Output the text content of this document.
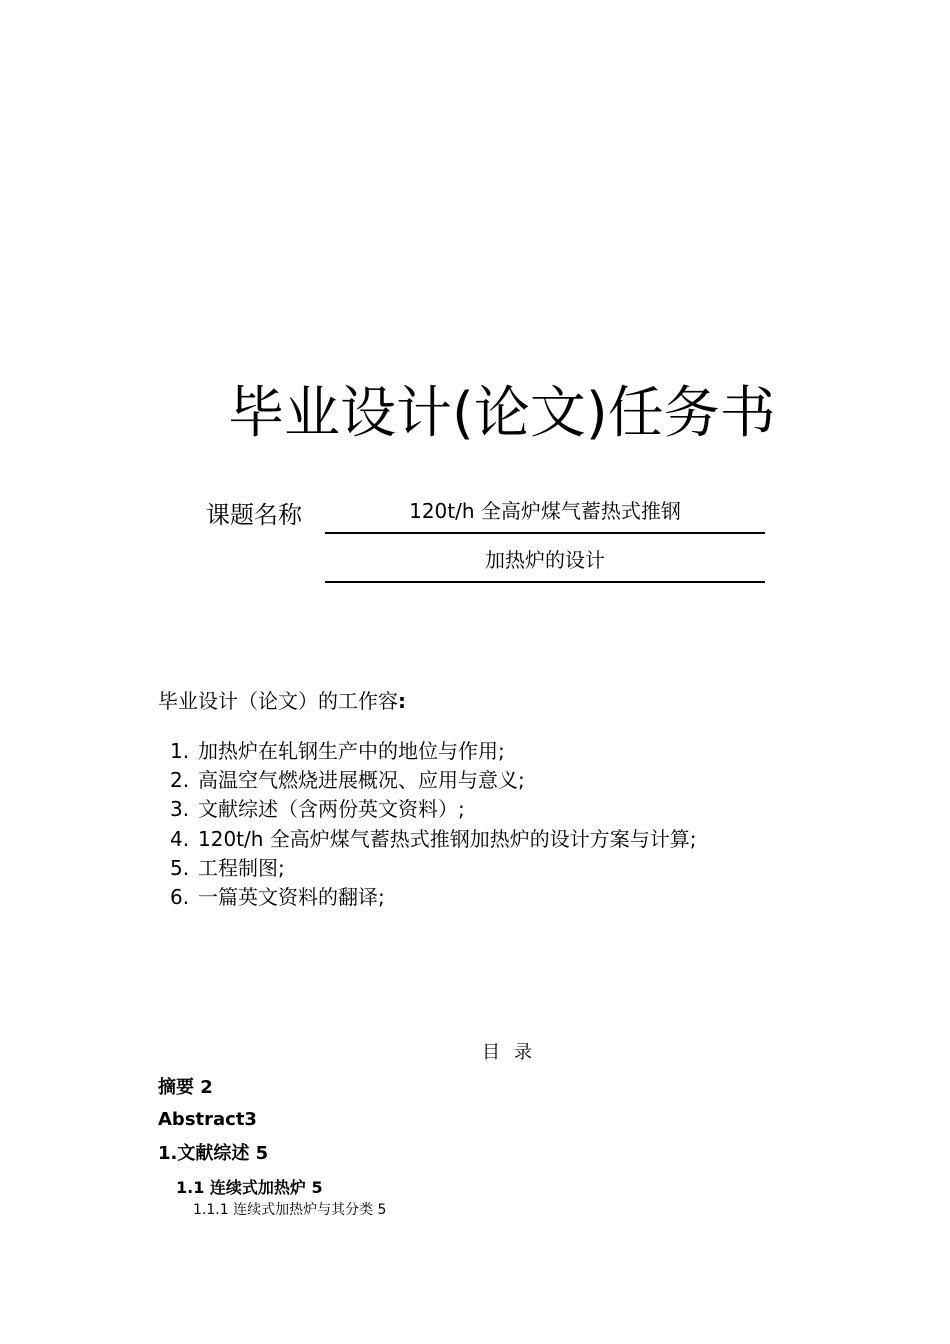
毕业设计(论文)任务书
课题名称	120t/h 全高炉煤气蓄热式推钢
加热炉的设计
毕业设计（论文）的工作容:
1. 加热炉在轧钢生产中的地位与作用;
2. 高温空气燃烧进展概况、应用与意义;
3. 文献综述（含两份英文资料）;
4. 120t/h 全高炉煤气蓄热式推钢加热炉的设计方案与计算;
5. 工程制图;
6. 一篇英文资料的翻译;
目录
摘要 2
Abstract3
1.文献综述 5
1.1 连续式加热炉 5
1.1.1 连续式加热炉与其分类 5
